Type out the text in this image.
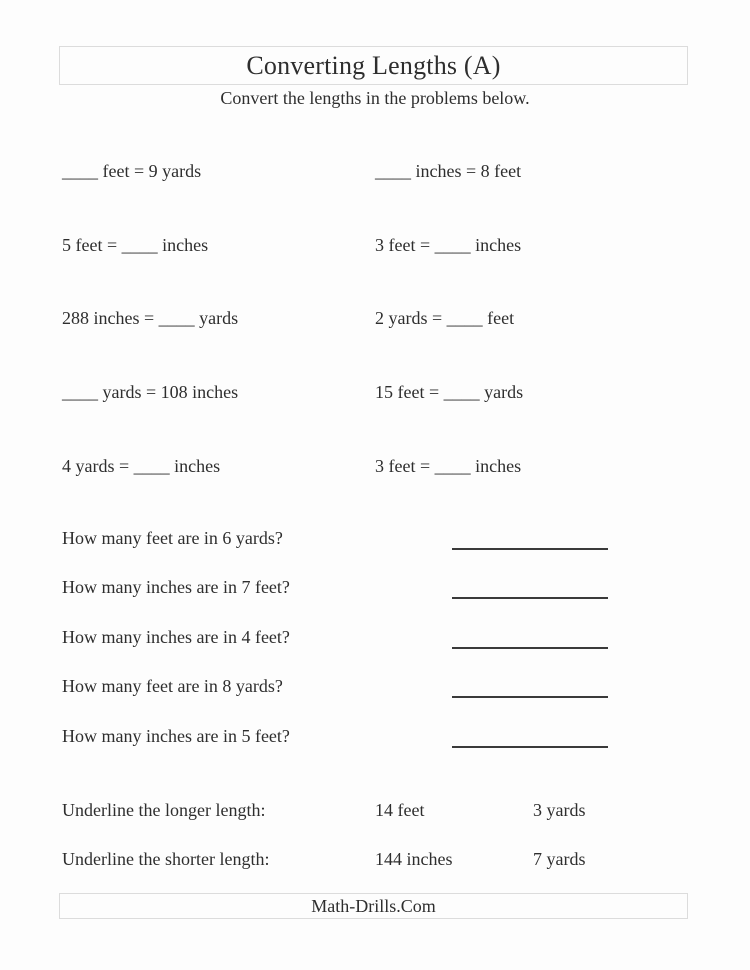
Converting Lengths (A)
Convert the lengths in the problems below.
____ feet = 9 yards	____ inches = 8 feet
5 feet = ____ inches	3 feet = ____ inches
288 inches = ____ yards	2 yards = ____ feet
____ yards = 108 inches	15 feet = ____ yards
4 yards = ____ inches	3 feet = ____ inches
How many feet are in 6 yards?
How many inches are in 7 feet?
How many inches are in 4 feet?
How many feet are in 8 yards?
How many inches are in 5 feet?
Underline the longer length:	14 feet	3 yards
Underline the shorter length:	144 inches	7 yards
Math-Drills.Com
